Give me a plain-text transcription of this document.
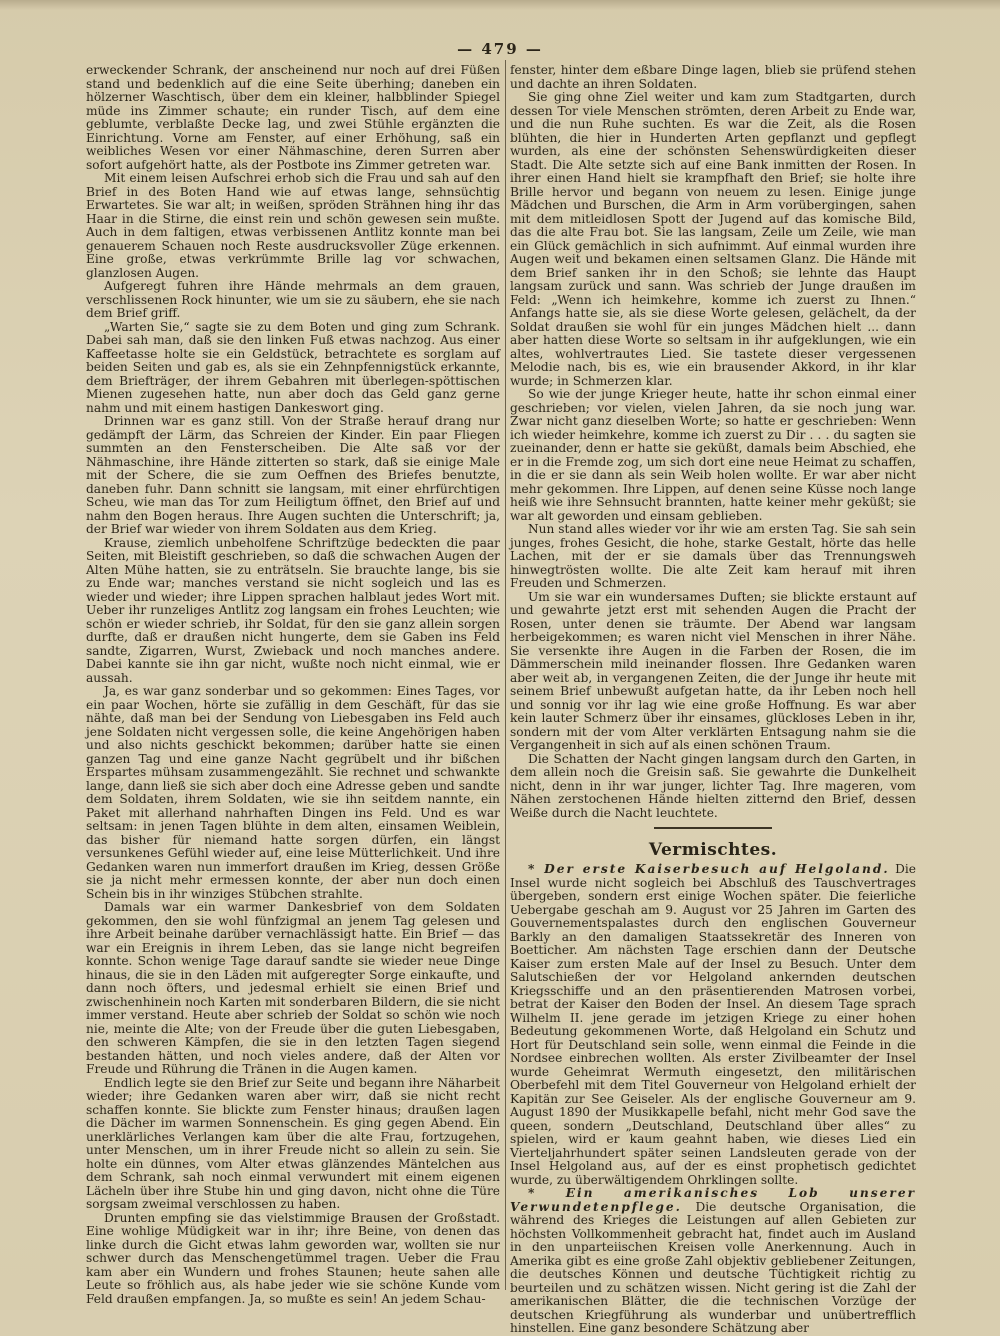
— 479 —

erweckender Schrank, der anscheinend nur noch auf drei Füßen stand und bedenklich auf die eine Seite überhing; daneben ein hölzerner Waschtisch, über dem ein kleiner, halbblinder Spiegel müde ins Zimmer schaute; ein runder Tisch, auf dem eine geblumte, verblaßte Decke lag, und zwei Stühle ergänzten die Einrichtung. Vorne am Fenster, auf einer Erhöhung, saß ein weibliches Wesen vor einer Nähmaschine, deren Surren aber sofort aufgehört hatte, als der Postbote ins Zimmer getreten war.

Mit einem leisen Aufschrei erhob sich die Frau und sah auf den Brief in des Boten Hand wie auf etwas lange, sehnsüchtig Erwartetes. Sie war alt; in weißen, spröden Strähnen hing ihr das Haar in die Stirne, die einst rein und schön gewesen sein mußte. Auch in dem faltigen, etwas verbissenen Antlitz konnte man bei genauerem Schauen noch Reste ausdrucksvoller Züge erkennen. Eine große, etwas verkrümmte Brille lag vor schwachen, glanzlosen Augen.

Aufgeregt fuhren ihre Hände mehrmals an dem grauen, verschlissenen Rock hinunter, wie um sie zu säubern, ehe sie nach dem Brief griff.

„Warten Sie,“ sagte sie zu dem Boten und ging zum Schrank. Dabei sah man, daß sie den linken Fuß etwas nachzog. Aus einer Kaffeetasse holte sie ein Geldstück, betrachtete es sorglam auf beiden Seiten und gab es, als sie ein Zehnpfennigstück erkannte, dem Briefträger, der ihrem Gebahren mit überlegen-spöttischen Mienen zugesehen hatte, nun aber doch das Geld ganz gerne nahm und mit einem hastigen Dankeswort ging.

Drinnen war es ganz still. Von der Straße herauf drang nur gedämpft der Lärm, das Schreien der Kinder. Ein paar Fliegen summten an den Fensterscheiben. Die Alte saß vor der Nähmaschine, ihre Hände zitterten so stark, daß sie einige Male mit der Schere, die sie zum Oeffnen des Briefes benutzte, daneben fuhr. Dann schnitt sie langsam, mit einer ehrfürchtigen Scheu, wie man das Tor zum Heiligtum öffnet, den Brief auf und nahm den Bogen heraus. Ihre Augen suchten die Unterschrift; ja, der Brief war wieder von ihrem Soldaten aus dem Krieg.

Krause, ziemlich unbeholfene Schriftzüge bedeckten die paar Seiten, mit Bleistift geschrieben, so daß die schwachen Augen der Alten Mühe hatten, sie zu enträtseln. Sie brauchte lange, bis sie zu Ende war; manches verstand sie nicht sogleich und las es wieder und wieder; ihre Lippen sprachen halblaut jedes Wort mit. Ueber ihr runzeliges Antlitz zog langsam ein frohes Leuchten; wie schön er wieder schrieb, ihr Soldat, für den sie ganz allein sorgen durfte, daß er draußen nicht hungerte, dem sie Gaben ins Feld sandte, Zigarren, Wurst, Zwieback und noch manches andere. Dabei kannte sie ihn gar nicht, wußte noch nicht einmal, wie er aussah.

Ja, es war ganz sonderbar und so gekommen: Eines Tages, vor ein paar Wochen, hörte sie zufällig in dem Geschäft, für das sie nähte, daß man bei der Sendung von Liebesgaben ins Feld auch jene Soldaten nicht vergessen solle, die keine Angehörigen haben und also nichts geschickt bekommen; darüber hatte sie einen ganzen Tag und eine ganze Nacht gegrübelt und ihr bißchen Erspartes mühsam zusammengezählt. Sie rechnet und schwankte lange, dann ließ sie sich aber doch eine Adresse geben und sandte dem Soldaten, ihrem Soldaten, wie sie ihn seitdem nannte, ein Paket mit allerhand nahrhaften Dingen ins Feld. Und es war seltsam: in jenen Tagen blühte in dem alten, einsamen Weiblein, das bisher für niemand hatte sorgen dürfen, ein längst versunkenes Gefühl wieder auf, eine leise Mütterlichkeit. Und ihre Gedanken waren nun immerfort draußen im Krieg, dessen Größe sie ja nicht mehr ermessen konnte, der aber nun doch einen Schein bis in ihr winziges Stübchen strahlte.

Damals war ein warmer Dankesbrief von dem Soldaten gekommen, den sie wohl fünfzigmal an jenem Tag gelesen und ihre Arbeit beinahe darüber vernachlässigt hatte. Ein Brief — das war ein Ereignis in ihrem Leben, das sie lange nicht begreifen konnte. Schon wenige Tage darauf sandte sie wieder neue Dinge hinaus, die sie in den Läden mit aufgeregter Sorge einkaufte, und dann noch öfters, und jedesmal erhielt sie einen Brief und zwischenhinein noch Karten mit sonderbaren Bildern, die sie nicht immer verstand. Heute aber schrieb der Soldat so schön wie noch nie, meinte die Alte; von der Freude über die guten Liebesgaben, den schweren Kämpfen, die sie in den letzten Tagen siegend bestanden hätten, und noch vieles andere, daß der Alten vor Freude und Rührung die Tränen in die Augen kamen.

Endlich legte sie den Brief zur Seite und begann ihre Näharbeit wieder; ihre Gedanken waren aber wirr, daß sie nicht recht schaffen konnte. Sie blickte zum Fenster hinaus; draußen lagen die Dächer im warmen Sonnenschein. Es ging gegen Abend. Ein unerklärliches Verlangen kam über die alte Frau, fortzugehen, unter Menschen, um in ihrer Freude nicht so allein zu sein. Sie holte ein dünnes, vom Alter etwas glänzendes Mäntelchen aus dem Schrank, sah noch einmal verwundert mit einem eigenen Lächeln über ihre Stube hin und ging davon, nicht ohne die Türe sorgsam zweimal verschlossen zu haben.

Drunten empfing sie das vielstimmige Brausen der Großstadt. Eine wohlige Müdigkeit war in ihr; ihre Beine, von denen das linke durch die Gicht etwas lahm geworden war, wollten sie nur schwer durch das Menschengetümmel tragen. Ueber die Frau kam aber ein Wundern und frohes Staunen; heute sahen alle Leute so fröhlich aus, als habe jeder wie sie schöne Kunde vom Feld draußen empfangen. Ja, so mußte es sein! An jedem Schau-

fenster, hinter dem eßbare Dinge lagen, blieb sie prüfend stehen und dachte an ihren Soldaten.

Sie ging ohne Ziel weiter und kam zum Stadtgarten, durch dessen Tor viele Menschen strömten, deren Arbeit zu Ende war, und die nun Ruhe suchten. Es war die Zeit, als die Rosen blühten, die hier in Hunderten Arten gepflanzt und gepflegt wurden, als eine der schönsten Sehenswürdigkeiten dieser Stadt. Die Alte setzte sich auf eine Bank inmitten der Rosen. In ihrer einen Hand hielt sie krampfhaft den Brief; sie holte ihre Brille hervor und begann von neuem zu lesen. Einige junge Mädchen und Burschen, die Arm in Arm vorübergingen, sahen mit dem mitleidlosen Spott der Jugend auf das komische Bild, das die alte Frau bot. Sie las langsam, Zeile um Zeile, wie man ein Glück gemächlich in sich aufnimmt. Auf einmal wurden ihre Augen weit und bekamen einen seltsamen Glanz. Die Hände mit dem Brief sanken ihr in den Schoß; sie lehnte das Haupt langsam zurück und sann. Was schrieb der Junge draußen im Feld: „Wenn ich heimkehre, komme ich zuerst zu Ihnen.“ Anfangs hatte sie, als sie diese Worte gelesen, gelächelt, da der Soldat draußen sie wohl für ein junges Mädchen hielt ... dann aber hatten diese Worte so seltsam in ihr aufgeklungen, wie ein altes, wohlvertrautes Lied. Sie tastete dieser vergessenen Melodie nach, bis es, wie ein brausender Akkord, in ihr klar wurde; in Schmerzen klar.

So wie der junge Krieger heute, hatte ihr schon einmal einer geschrieben; vor vielen, vielen Jahren, da sie noch jung war. Zwar nicht ganz dieselben Worte; so hatte er geschrieben: Wenn ich wieder heimkehre, komme ich zuerst zu Dir . . . du sagten sie zueinander, denn er hatte sie geküßt, damals beim Abschied, ehe er in die Fremde zog, um sich dort eine neue Heimat zu schaffen, in die er sie dann als sein Weib holen wollte. Er war aber nicht mehr gekommen. Ihre Lippen, auf denen seine Küsse noch lange heiß wie ihre Sehnsucht brannten, hatte keiner mehr geküßt; sie war alt geworden und einsam geblieben.

Nun stand alles wieder vor ihr wie am ersten Tag. Sie sah sein junges, frohes Gesicht, die hohe, starke Gestalt, hörte das helle Lachen, mit der er sie damals über das Trennungsweh hinwegtrösten wollte. Die alte Zeit kam herauf mit ihren Freuden und Schmerzen.

Um sie war ein wundersames Duften; sie blickte erstaunt auf und gewahrte jetzt erst mit sehenden Augen die Pracht der Rosen, unter denen sie träumte. Der Abend war langsam herbeigekommen; es waren nicht viel Menschen in ihrer Nähe. Sie versenkte ihre Augen in die Farben der Rosen, die im Dämmerschein mild ineinander flossen. Ihre Gedanken waren aber weit ab, in vergangenen Zeiten, die der Junge ihr heute mit seinem Brief unbewußt aufgetan hatte, da ihr Leben noch hell und sonnig vor ihr lag wie eine große Hoffnung. Es war aber kein lauter Schmerz über ihr einsames, glückloses Leben in ihr, sondern mit der vom Alter verklärten Entsagung nahm sie die Vergangenheit in sich auf als einen schönen Traum.

Die Schatten der Nacht gingen langsam durch den Garten, in dem allein noch die Greisin saß. Sie gewahrte die Dunkelheit nicht, denn in ihr war junger, lichter Tag. Ihre mageren, vom Nähen zerstochenen Hände hielten zitternd den Brief, dessen Weiße durch die Nacht leuchtete.

Vermischtes.

* Der erste Kaiserbesuch auf Helgoland. Die Insel wurde nicht sogleich bei Abschluß des Tauschvertrages übergeben, sondern erst einige Wochen später. Die feierliche Uebergabe geschah am 9. August vor 25 Jahren im Garten des Gouvernementspalastes durch den englischen Gouverneur Barkly an den damaligen Staatssekretär des Inneren von Boetticher. Am nächsten Tage erschien dann der Deutsche Kaiser zum ersten Male auf der Insel zu Besuch. Unter dem Salutschießen der vor Helgoland ankernden deutschen Kriegsschiffe und an den präsentierenden Matrosen vorbei, betrat der Kaiser den Boden der Insel. An diesem Tage sprach Wilhelm II. jene gerade im jetzigen Kriege zu einer hohen Bedeutung gekommenen Worte, daß Helgoland ein Schutz und Hort für Deutschland sein solle, wenn einmal die Feinde in die Nordsee einbrechen wollten. Als erster Zivilbeamter der Insel wurde Geheimrat Wermuth eingesetzt, den militärischen Oberbefehl mit dem Titel Gouverneur von Helgoland erhielt der Kapitän zur See Geiseler. Als der englische Gouverneur am 9. August 1890 der Musikkapelle befahl, nicht mehr God save the queen, sondern „Deutschland, Deutschland über alles“ zu spielen, wird er kaum geahnt haben, wie dieses Lied ein Vierteljahrhundert später seinen Landsleuten gerade von der Insel Helgoland aus, auf der es einst prophetisch gedichtet wurde, zu überwältigendem Ohrklingen sollte.

* Ein amerikanisches Lob unserer Verwundetenpflege. Die deutsche Organisation, die während des Krieges die Leistungen auf allen Gebieten zur höchsten Vollkommenheit gebracht hat, findet auch im Ausland in den unparteiischen Kreisen volle Anerkennung. Auch in Amerika gibt es eine große Zahl objektiv gebliebener Zeitungen, die deutsches Können und deutsche Tüchtigkeit richtig zu beurteilen und zu schätzen wissen. Nicht gering ist die Zahl der amerikanischen Blätter, die die technischen Vorzüge der deutschen Kriegführung als wunderbar und unübertrefflich hinstellen. Eine ganz besondere Schätzung aber
